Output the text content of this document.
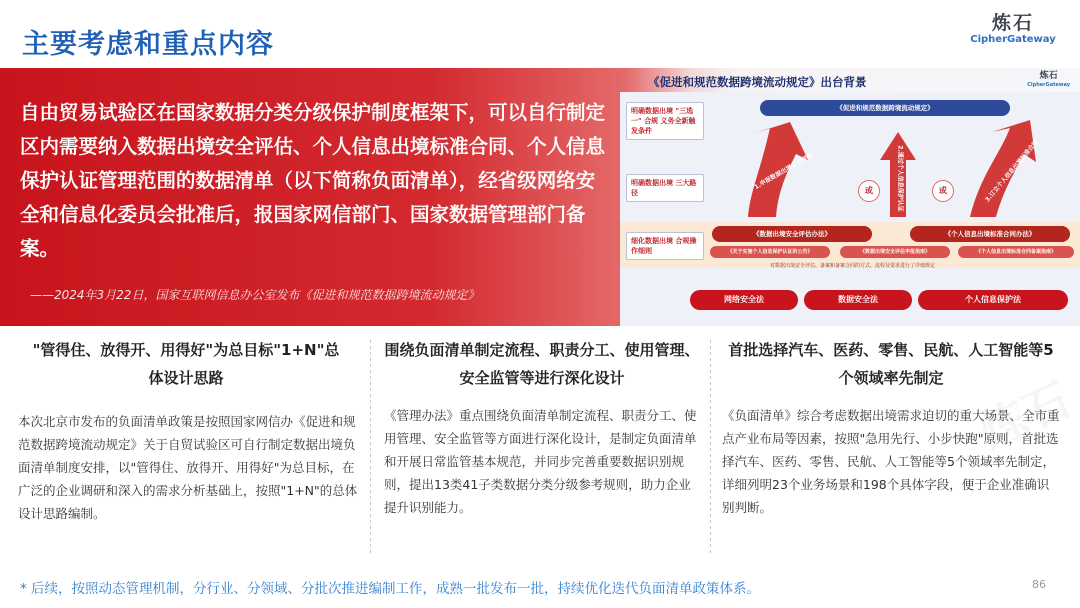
主要考虑和重点内容
炼石
CipherGateway
自由贸易试验区在国家数据分类分级保护制度框架下，可以自行制定区内需要纳入数据出境安全评估、个人信息出境标准合同、个人信息保护认证管理范围的数据清单（以下简称负面清单），经省级网络安全和信息化委员会批准后，报国家网信部门、国家数据管理部门备案。
——2024年3月22日，国家互联网信息办公室发布《促进和规范数据跨境流动规定》
《促进和规范数据跨境流动规定》出台背景	炼石
CipherGateway
《促进和规范数据跨境流动规定》
明确数据出境 "三选一" 合规 义务全新触发条件
明确数据出境 三大路径
细化数据出境 合规操作细则
1.申报数据出境安全评估	2.通过个人信息保护认证	3.订立个人信息出境标准合同
或	或
《数据出境安全评估办法》	《个人信息出境标准合同办法》
《关于实施个人信息保护认证的公告》	《数据出境安全评估申报指南》	《个人信息出境标准合同备案指南》
对数据出境安全评估、备案和备案合同的方式、流程及要求进行了详细规定
网络安全法	数据安全法	个人信息保护法
"管得住、放得开、用得好"为总目标"1+N"总体设计思路
本次北京市发布的负面清单政策是按照国家网信办《促进和规范数据跨境流动规定》关于自贸试验区可自行制定数据出境负面清单制度安排，以"管得住、放得开、用得好"为总目标，在广泛的企业调研和深入的需求分析基础上，按照"1+N"的总体设计思路编制。
围绕负面清单制定流程、职责分工、使用管理、安全监管等进行深化设计
《管理办法》重点围绕负面清单制定流程、职责分工、使用管理、安全监管等方面进行深化设计，是制定负面清单和开展日常监管基本规范，并同步完善重要数据识别规则，提出13类41子类数据分类分级参考规则，助力企业提升识别能力。
首批选择汽车、医药、零售、民航、人工智能等5个领域率先制定
《负面清单》综合考虑数据出境需求迫切的重大场景、全市重点产业布局等因素，按照"急用先行、小步快跑"原则，首批选择汽车、医药、零售、民航、人工智能等5个领域率先制定，详细列明23个业务场景和198个具体字段，便于企业准确识别判断。
炼石
* 后续，按照动态管理机制，分行业、分领域、分批次推进编制工作，成熟一批发布一批，持续优化迭代负面清单政策体系。	86
